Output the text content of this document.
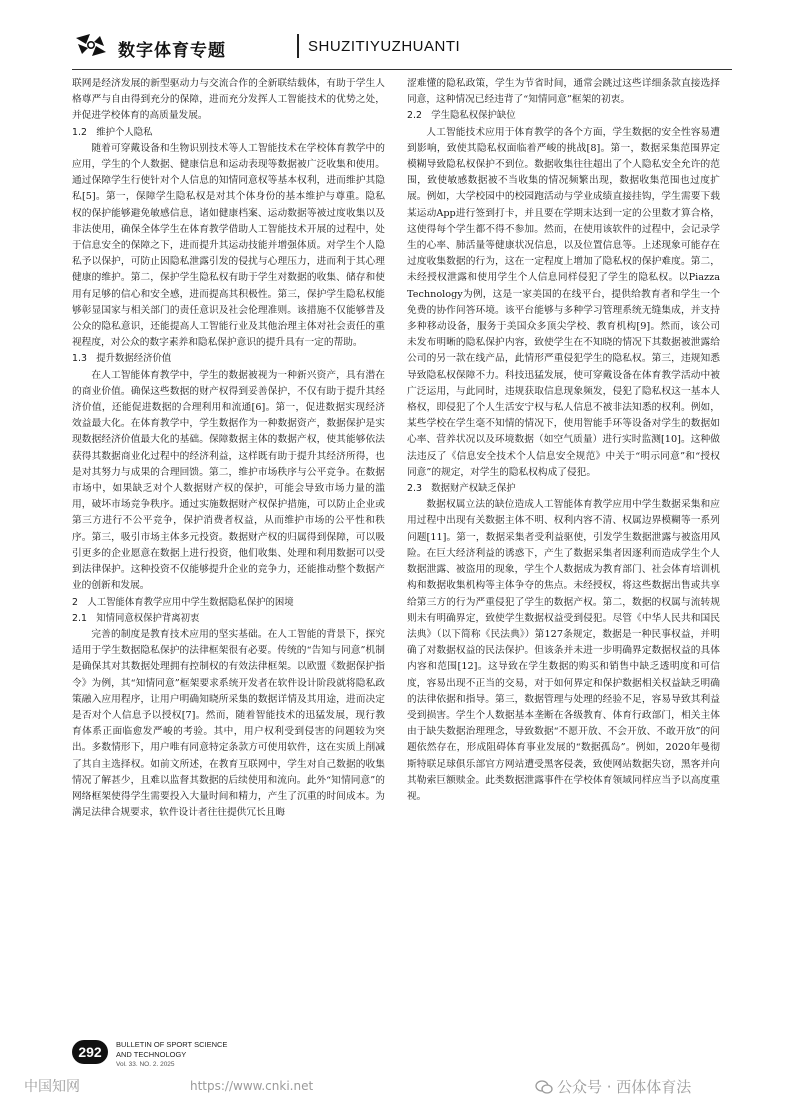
数字体育专题	SHUZITIYUZHUANTI

联网是经济发展的新型驱动力与交流合作的全新联结载体，有助于学生人格尊严与自由得到充分的保障，进而充分发挥人工智能技术的优势之处，并促进学校体育的高质量发展。

1.2　维护个人隐私

随着可穿戴设备和生物识别技术等人工智能技术在学校体育教学中的应用，学生的个人数据、健康信息和运动表现等数据被广泛收集和使用。通过保障学生行使针对个人信息的知情同意权等基本权利，进而维护其隐私[5]。第一，保障学生隐私权是对其个体身份的基本维护与尊重。隐私权的保护能够避免敏感信息，诸如健康档案、运动数据等被过度收集以及非法使用，确保全体学生在体育教学借助人工智能技术开展的过程中，处于信息安全的保障之下，进而提升其运动技能并增强体质。对学生个人隐私予以保护，可防止因隐私泄露引发的侵扰与心理压力，进而利于其心理健康的维护。第二，保护学生隐私权有助于学生对数据的收集、储存和使用有足够的信心和安全感，进而提高其积极性。第三，保护学生隐私权能够彰显国家与相关部门的责任意识及社会伦理准则。该措施不仅能够普及公众的隐私意识，还能提高人工智能行业及其他治理主体对社会责任的重视程度，对公众的数字素养和隐私保护意识的提升具有一定的帮助。

1.3　提升数据经济价值

在人工智能体育教学中，学生的数据被视为一种新兴资产，具有潜在的商业价值。确保这些数据的财产权得到妥善保护，不仅有助于提升其经济价值，还能促进数据的合理利用和流通[6]。第一，促进数据实现经济效益最大化。在体育教学中，学生数据作为一种数据资产，数据保护是实现数据经济价值最大化的基础。保障数据主体的数据产权，使其能够依法获得其数据商业化过程中的经济利益，这样既有助于提升其经济所得，也是对其努力与成果的合理回馈。第二，维护市场秩序与公平竞争。在数据市场中，如果缺乏对个人数据财产权的保护，可能会导致市场力量的滥用，破坏市场竞争秩序。通过实施数据财产权保护措施，可以防止企业或第三方进行不公平竞争，保护消费者权益，从而维护市场的公平性和秩序。第三，吸引市场主体多元投资。数据财产权的归属得到保障，可以吸引更多的企业愿意在数据上进行投资，他们收集、处理和利用数据可以受到法律保护。这种投资不仅能够提升企业的竞争力，还能推动整个数据产业的创新和发展。

2　人工智能体育教学应用中学生数据隐私保护的困境

2.1　知情同意权保护背离初衷

完善的制度是教育技术应用的坚实基础。在人工智能的背景下，探究适用于学生数据隐私保护的法律框架很有必要。传统的“告知与同意”机制是确保其对其数据处理拥有控制权的有效法律框架。以欧盟《数据保护指令》为例，其“知情同意”框架要求系统开发者在软件设计阶段就将隐私政策融入应用程序，让用户明确知晓所采集的数据详情及其用途，进而决定是否对个人信息予以授权[7]。然而，随着智能技术的迅猛发展，现行教育体系正面临愈发严峻的考验。其中，用户权利受到侵害的问题较为突出。多数情形下，用户唯有同意特定条款方可使用软件，这在实质上削减了其自主选择权。如前文所述，在教育互联网中，学生对自己数据的收集情况了解甚少，且难以监督其数据的后续使用和流向。此外“知情同意”的网络框架使得学生需要投入大量时间和精力，产生了沉重的时间成本。为满足法律合规要求，软件设计者往往提供冗长且晦

涩难懂的隐私政策，学生为节省时间，通常会跳过这些详细条款直接选择同意，这种情况已经违背了“知情同意”框架的初衷。

2.2　学生隐私权保护缺位

人工智能技术应用于体育教学的各个方面，学生数据的安全性容易遭到影响，致使其隐私权面临着严峻的挑战[8]。第一，数据采集范围界定模糊导致隐私权保护不到位。数据收集往往超出了个人隐私安全允许的范围，致使敏感数据被不当收集的情况频繁出现，数据收集范围也过度扩展。例如，大学校园中的校园跑活动与学业成绩直接挂钩，学生需要下载某运动App进行签到打卡，并且要在学期末达到一定的公里数才算合格，这使得每个学生都不得不参加。然而，在使用该软件的过程中，会记录学生的心率、肺活量等健康状况信息，以及位置信息等。上述现象可能存在过度收集数据的行为，这在一定程度上增加了隐私权的保护难度。第二，未经授权泄露和使用学生个人信息同样侵犯了学生的隐私权。以Piazza Technology为例，这是一家美国的在线平台，提供给教育者和学生一个免费的协作问答环境。该平台能够与多种学习管理系统无缝集成，并支持多种移动设备，服务于美国众多顶尖学校、教育机构[9]。然而，该公司未发布明晰的隐私保护内容，致使学生在不知晓的情况下其数据被泄露给公司的另一款在线产品，此情形严重侵犯学生的隐私权。第三，违规知悉导致隐私权保障不力。科技迅猛发展，使可穿戴设备在体育教学活动中被广泛运用，与此同时，违规获取信息现象频发，侵犯了隐私权这一基本人格权，即侵犯了个人生活安宁权与私人信息不被非法知悉的权利。例如，某些学校在学生毫不知情的情况下，使用智能手环等设备对学生的数据如心率、营养状况以及环境数据（如空气质量）进行实时监测[10]。这种做法违反了《信息安全技术个人信息安全规范》中关于“明示同意”和“授权同意”的规定，对学生的隐私权构成了侵犯。

2.3　数据财产权缺乏保护

数据权属立法的缺位造成人工智能体育教学应用中学生数据采集和应用过程中出现有关数据主体不明、权利内容不清、权属边界模糊等一系列问题[11]。第一，数据采集者受利益驱使，引发学生数据泄露与被盗用风险。在巨大经济利益的诱惑下，产生了数据采集者因逐利而造成学生个人数据泄露、被盗用的现象，学生个人数据成为教育部门、社会体育培训机构和数据收集机构等主体争夺的焦点。未经授权，将这些数据出售或共享给第三方的行为严重侵犯了学生的数据产权。第二，数据的权属与流转规则未有明确界定，致使学生数据权益受到侵犯。尽管《中华人民共和国民法典》（以下简称《民法典》）第127条规定，数据是一种民事权益，并明确了对数据权益的民法保护。但该条并未进一步明确界定数据权益的具体内容和范围[12]。这导致在学生数据的购买和销售中缺乏透明度和可信度，容易出现不正当的交易，对于如何界定和保护数据相关权益缺乏明确的法律依据和指导。第三，数据管理与处理的经验不足，容易导致其利益受到损害。学生个人数据基本垄断在各级教育、体育行政部门，相关主体由于缺失数据治理理念，导致数据“不愿开放、不会开放、不敢开放”的问题依然存在，形成阻碍体育事业发展的“数据孤岛”。例如，2020年曼彻斯特联足球俱乐部官方网站遭受黑客侵袭，致使网站数据失窃，黑客并向其勒索巨额赎金。此类数据泄露事件在学校体育领域同样应当予以高度重视。

292	BULLETIN OF SPORT SCIENCE
AND TECHNOLOGY
Vol. 33. NO. 2. 2025
中国知网	https://www.cnki.net	公众号 · 西体体育法
